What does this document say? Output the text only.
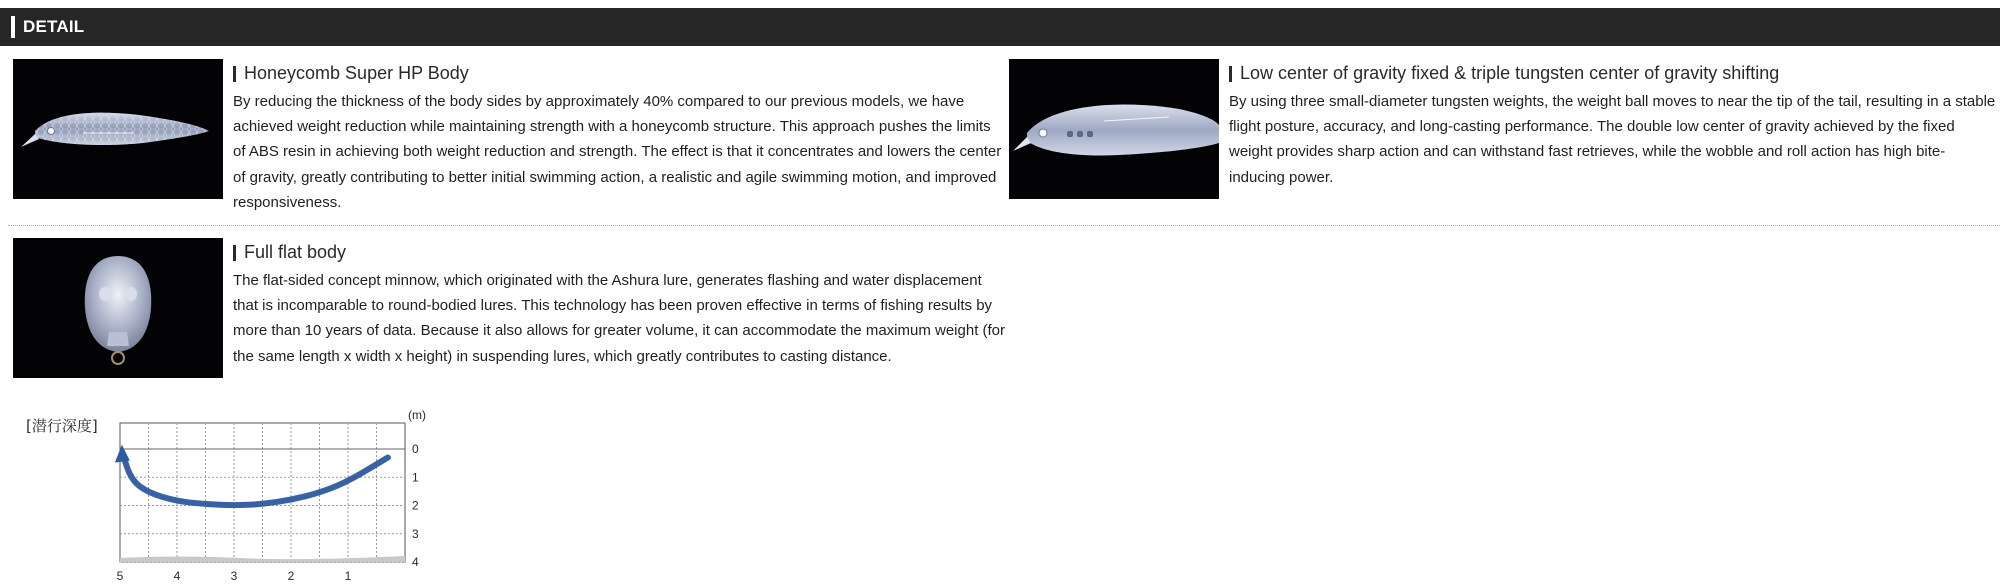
DETAIL
Honeycomb Super HP Body
By reducing the thickness of the body sides by approximately 40% compared to our previous models, we have achieved weight reduction while maintaining strength with a honeycomb structure. This approach pushes the limits of ABS resin in achieving both weight reduction and strength. The effect is that it concentrates and lowers the center of gravity, greatly contributing to better initial swimming action, a realistic and agile swimming motion, and improved responsiveness.
Low center of gravity fixed & triple tungsten center of gravity shifting
By using three small-diameter tungsten weights, the weight ball moves to near the tip of the tail, resulting in a stable flight posture, accuracy, and long-casting performance. The double low center of gravity achieved by the fixed weight provides sharp action and can withstand fast retrieves, while the wobble and roll action has high bite-inducing power.
Full flat body
The flat-sided concept minnow, which originated with the Ashura lure, generates flashing and water displacement that is incomparable to round-bodied lures. This technology has been proven effective in terms of fishing results by more than 10 years of data. Because it also allows for greater volume, it can accommodate the maximum weight (for the same length x width x height) in suspending lures, which greatly contributes to casting distance.
[潜行深度]
0
1
2
3
4
(m)
5	4	3	2	1
